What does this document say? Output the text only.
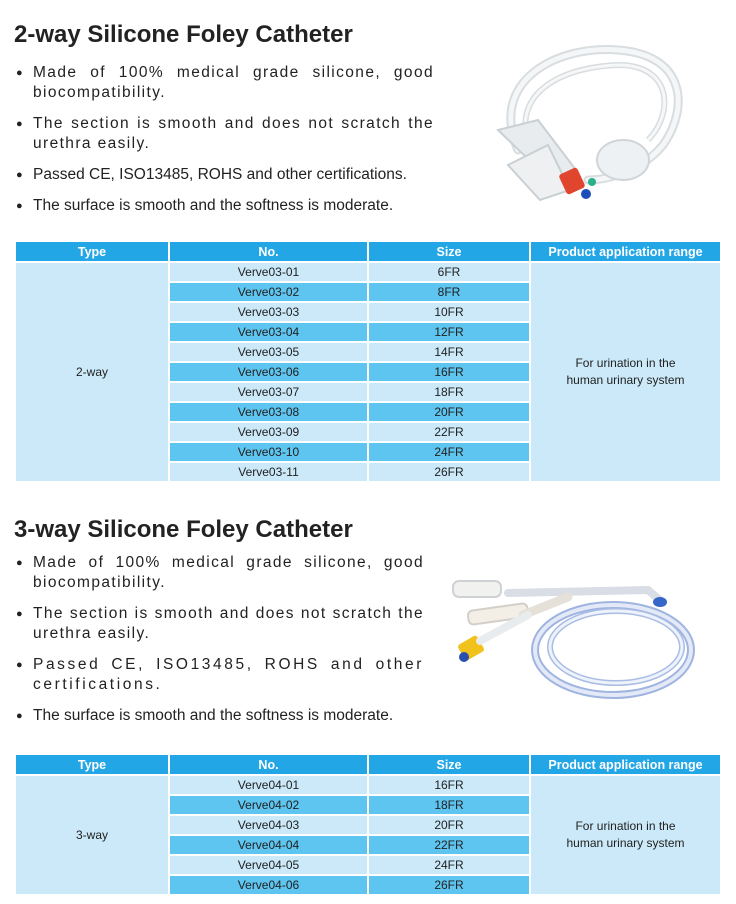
2-way Silicone Foley Catheter
● Made of 100% medical grade silicone, good biocompatibility.
● The section is smooth and does not scratch the urethra easily.
● Passed CE, ISO13485, ROHS and other certifications.
● The surface is smooth and the softness is moderate.
Type	No.	Size	Product application range
2-way	Verve03-01	6FR	For urination in the human urinary system
	Verve03-02	8FR	
	Verve03-03	10FR	
	Verve03-04	12FR	
	Verve03-05	14FR	
	Verve03-06	16FR	
	Verve03-07	18FR	
	Verve03-08	20FR	
	Verve03-09	22FR	
	Verve03-10	24FR	
	Verve03-11	26FR	
3-way Silicone Foley Catheter
● Made of 100% medical grade silicone, good biocompatibility.
● The section is smooth and does not scratch the urethra easily.
● Passed CE, ISO13485, ROHS and other certifications.
● The surface is smooth and the softness is moderate.
Type	No.	Size	Product application range
3-way	Verve04-01	16FR	For urination in the human urinary system
	Verve04-02	18FR	
	Verve04-03	20FR	
	Verve04-04	22FR	
	Verve04-05	24FR	
	Verve04-06	26FR	
